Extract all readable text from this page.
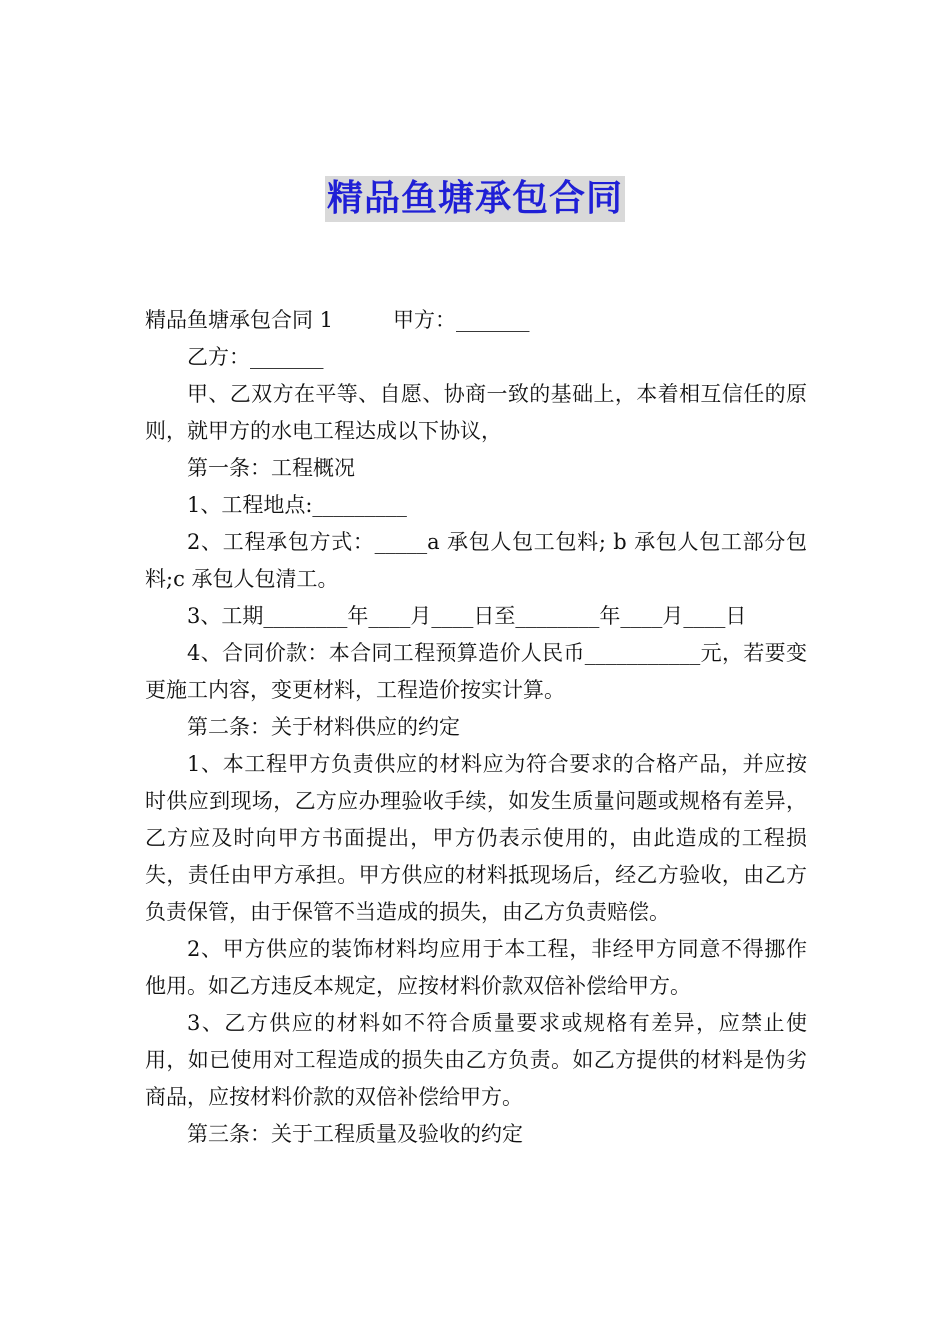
精品鱼塘承包合同

精品鱼塘承包合同 1	甲方：_______

乙方：_______

甲、乙双方在平等、自愿、协商一致的基础上，本着相互信任的原则，就甲方的水电工程达成以下协议，

第一条：工程概况

1、工程地点:_________

2、工程承包方式：_____a 承包人包工包料; b 承包人包工部分包料;c 承包人包清工。

3、工期________年____月____日至________年____月____日

4、合同价款：本合同工程预算造价人民币___________元，若要变更施工内容，变更材料，工程造价按实计算。

第二条：关于材料供应的约定

1、本工程甲方负责供应的材料应为符合要求的合格产品，并应按时供应到现场，乙方应办理验收手续，如发生质量问题或规格有差异，乙方应及时向甲方书面提出，甲方仍表示使用的，由此造成的工程损失，责任由甲方承担。甲方供应的材料抵现场后，经乙方验收，由乙方负责保管，由于保管不当造成的损失，由乙方负责赔偿。

2、甲方供应的装饰材料均应用于本工程，非经甲方同意不得挪作他用。如乙方违反本规定，应按材料价款双倍补偿给甲方。

3、乙方供应的材料如不符合质量要求或规格有差异，应禁止使用，如已使用对工程造成的损失由乙方负责。如乙方提供的材料是伪劣商品，应按材料价款的双倍补偿给甲方。

第三条：关于工程质量及验收的约定
